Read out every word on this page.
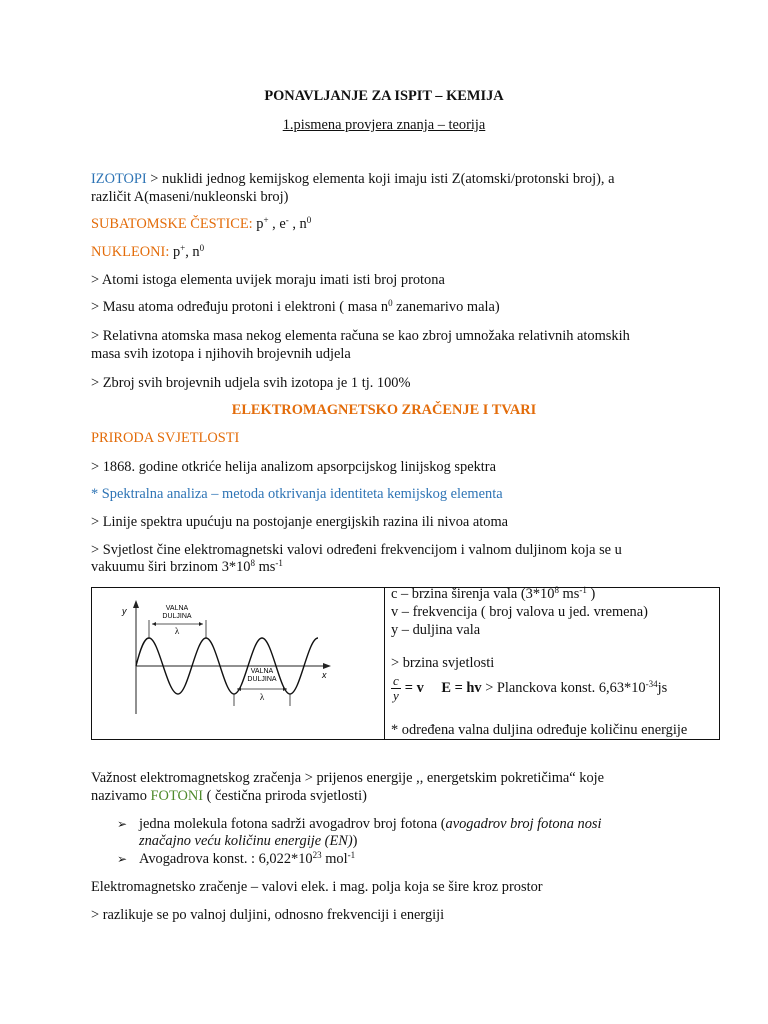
PONAVLJANJE ZA ISPIT – KEMIJA
1.pismena provjera znanja – teorija
IZOTOPI > nuklidi jednog kemijskog elementa koji imaju isti Z(atomski/protonski broj), a
različit A(maseni/nukleonski broj)
SUBATOMSKE ČESTICE: p+ , e- , $n^0$
NUKLEONI: p+, $n^0$
> Atomi istoga elementa uvijek moraju imati isti broj protona
> Masu atoma određuju protoni i elektroni ( masa $n^0$ zanemarivo mala)
> Relativna atomska masa nekog elementa računa se kao zbroj umnožaka relativnih atomskih
masa svih izotopa i njihovih brojevnih udjela
> Zbroj svih brojevnih udjela svih izotopa je 1 tj. 100%
ELEKTROMAGNETSKO ZRAČENJE I TVARI
PRIRODA SVJETLOSTI
> 1868. godine otkriće helija analizom apsorpcijskog linijskog spektra
* Spektralna analiza – metoda otkrivanja identiteta kemijskog elementa
> Linije spektra upućuju na postojanje energijskih razina ili nivoa atoma
> Svjetlost čine elektromagnetski valovi određeni frekvencijom i valnom duljinom koja se u
vakuumu širi brzinom $3*10^8$ $ms^{-1}$
y
x
VALNA
DULJINA
λ
VALNA
DULJINA
λ
c – brzina širenja vala ($3*10^8$ $ms^{-1}$ )
v – frekvencija ( broj valova u jed. vremena)
y – duljina vala
> brzina svjetlosti
$\frac{c}{y} = v$ E = hv > Planckova konst. $6,63*10^{-34}js$
* određena valna duljina određuje količinu energije
Važnost elektromagnetskog zračenja > prijenos energije ,, energetskim pokretičima“ koje
nazivamo FOTONI ( čestična priroda svjetlosti)
➢ jedna molekula fotona sadrži avogadrov broj fotona (avogadrov broj fotona nosi
značajno veću količinu energije (EN))
➢ Avogadrova konst. : $6,022*10^{23}$ mol$^{-1}$
Elektromagnetsko zračenje – valovi elek. i mag. polja koja se šire kroz prostor
> razlikuje se po valnoj duljini, odnosno frekvenciji i energiji
